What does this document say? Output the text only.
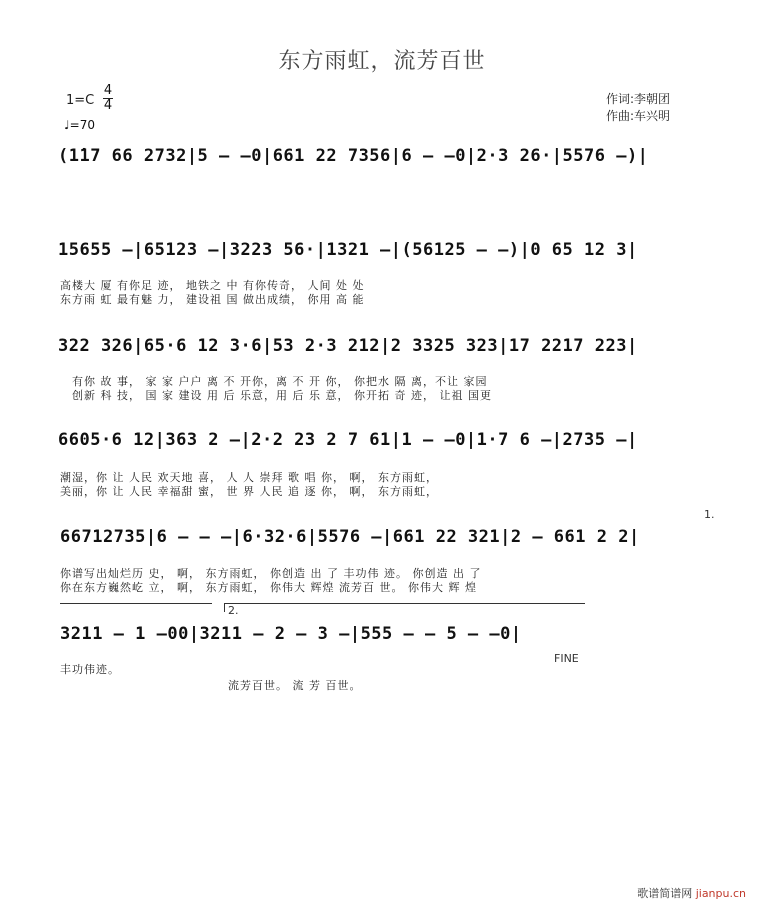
东方雨虹，流芳百世
1=C
4
4
♩=70
作词:李朝团
作曲:车兴明
(1̇17 66 2732|5 – –0|661 22 7356|6 – –0|2·3 26·|5576 –)|
15655 –|65123 –|3223 56·|1321 –|(56125 – –)|0 65 12 3|
高楼大 厦 有你足 迹， 地铁之 中 有你传奇， 人间 处 处
东方雨 虹 最有魅 力， 建设祖 国 做出成绩， 你用 高 能
322 326|65·6 12 3·6|53 2·3 212|2 3325 323|17 2217 223|
有你 故 事， 家 家 户户 离 不 开你，离 不 开 你， 你把水 隔 离，不让 家园
创新 科 技， 国 家 建设 用 后 乐意，用 后 乐 意， 你开拓 奇 迹， 让祖 国更
6605·6 12|363 2 –|2·2 23 2 7 61|1 – –0|1·7 6 –|2735 –|
潮湿，你 让 人民 欢天地 喜， 人 人 崇拜 歌 唱 你， 啊， 东方雨虹，
美丽，你 让 人民 幸福甜 蜜， 世 界 人民 追 逐 你， 啊， 东方雨虹，
1.
66712735|6 – – –|6·32·6|5576 –|661 22 321|2 – 661 2 2|
你谱写出灿烂历 史， 啊， 东方雨虹， 你创造 出 了 丰功伟 迹。 你创造 出 了
你在东方巍然屹 立， 啊， 东方雨虹， 你伟大 辉煌 流芳百 世。 你伟大 辉 煌
2.
3211 – 1 –00|3211 – 2 – 3 –|555 – – 5 – –0|
FINE
丰功伟迹。
流芳百世。 流 芳 百世。
歌谱简谱网 jianpu.cn
